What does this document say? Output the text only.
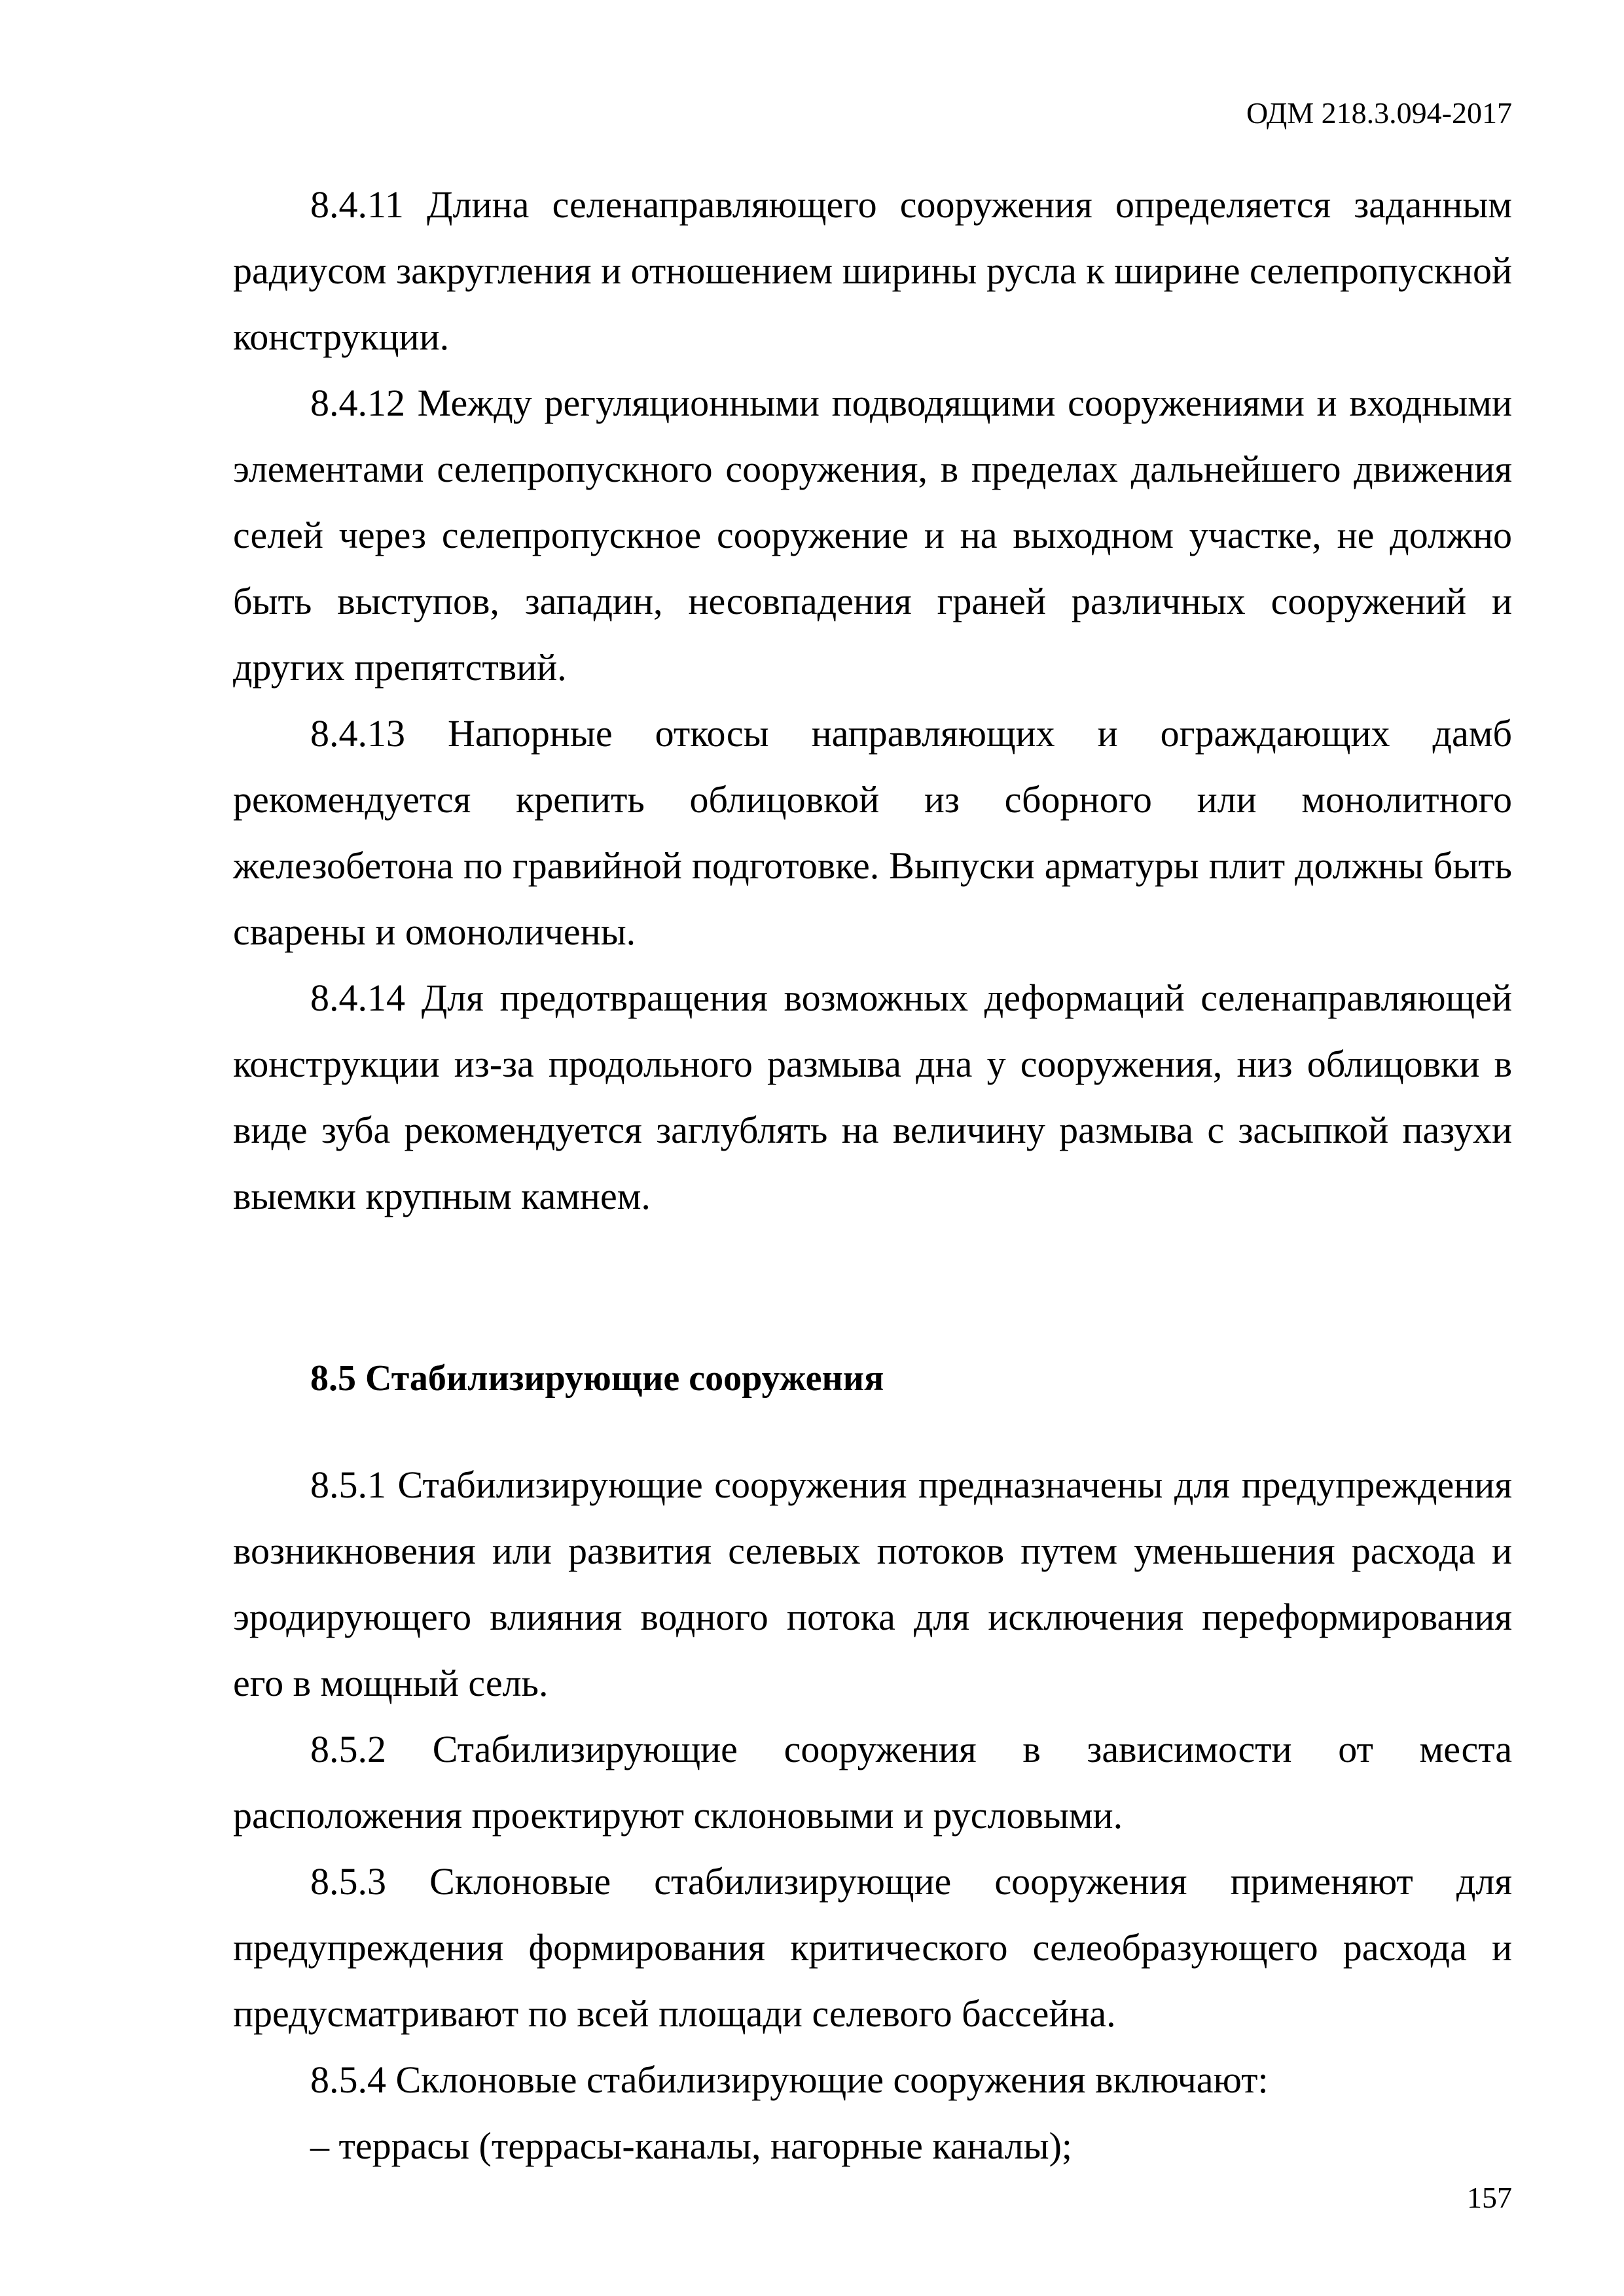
ОДМ 218.3.094-2017

8.4.11 Длина селенаправляющего сооружения определяется заданным радиусом закругления и отношением ширины русла к ширине селепропускной конструкции.

8.4.12 Между регуляционными подводящими сооружениями и входными элементами селепропускного сооружения, в пределах дальнейшего движения селей через селепропускное сооружение и на выходном участке, не должно быть выступов, западин, несовпадения граней различных сооружений и других препятствий.

8.4.13 Напорные откосы направляющих и ограждающих дамб рекомендуется крепить облицовкой из сборного или монолитного железобетона по гравийной подготовке. Выпуски арматуры плит должны быть сварены и омоноличены.

8.4.14 Для предотвращения возможных деформаций селенаправляющей конструкции из-за продольного размыва дна у сооружения, низ облицовки в виде зуба рекомендуется заглублять на величину размыва с засыпкой пазухи выемки крупным камнем.

8.5 Стабилизирующие сооружения

8.5.1 Стабилизирующие сооружения предназначены для предупреждения возникновения или развития селевых потоков путем уменьшения расхода и эродирующего влияния водного потока для исключения переформирования его в мощный сель.

8.5.2 Стабилизирующие сооружения в зависимости от места расположения проектируют склоновыми и русловыми.

8.5.3 Склоновые стабилизирующие сооружения применяют для предупреждения формирования критического селеобразующего расхода и предусматривают по всей площади селевого бассейна.

8.5.4 Склоновые стабилизирующие сооружения включают:

– террасы (террасы-каналы, нагорные каналы);

157
